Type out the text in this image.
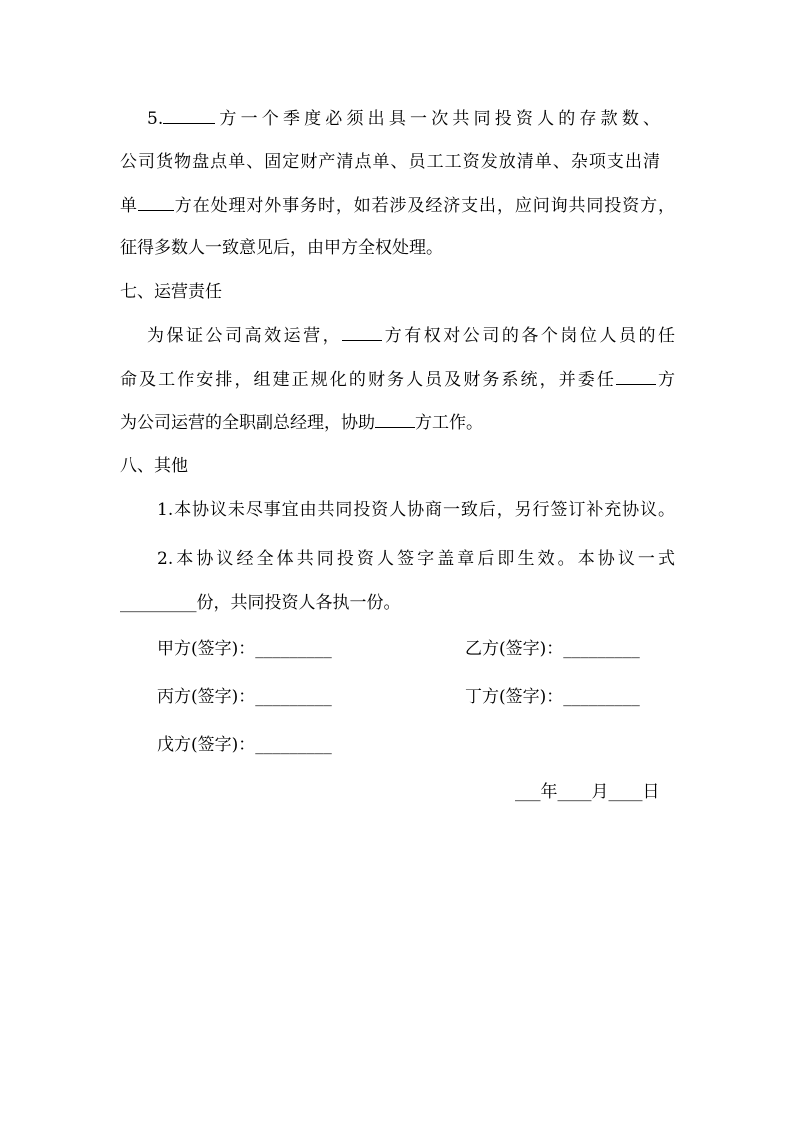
5.	方一个季度必须出具一次共同投资人的存款数、
公司货物盘点单、固定财产清点单、员工工资发放清单、杂项支出清
单 方在处理对外事务时，如若涉及经济支出，应问询共同投资方，
征得多数人一致意见后，由甲方全权处理。
七、运营责任
为保证公司高效运营， 方有权对公司的各个岗位人员的任
命及工作安排，组建正规化的财务人员及财务系统，并委任 方
为公司运营的全职副总经理，协助 方工作。
八、其他
1.本协议未尽事宜由共同投资人协商一致后，另行签订补充协议。
2.本协议经全体共同投资人签字盖章后即生效。本协议一式
_________份，共同投资人各执一份。
甲方(签字)：_________	乙方(签字)：_________
丙方(签字)：_________	丁方(签字)：_________
戊方(签字)：_________
___年____月____日
